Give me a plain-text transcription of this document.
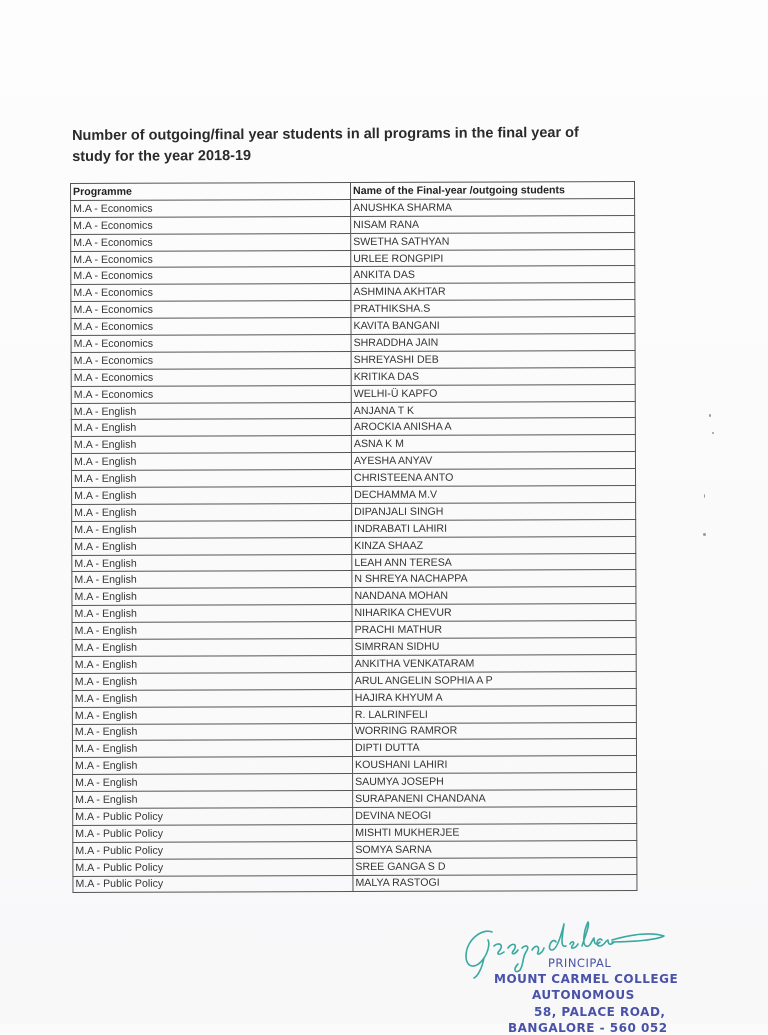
Number of outgoing/final year students in all programs in the final year of
study for the year 2018-19
Programme	Name of the Final-year /outgoing students
M.A - Economics	ANUSHKA SHARMA
M.A - Economics	NISAM RANA
M.A - Economics	SWETHA SATHYAN
M.A - Economics	URLEE RONGPIPI
M.A - Economics	ANKITA DAS
M.A - Economics	ASHMINA AKHTAR
M.A - Economics	PRATHIKSHA.S
M.A - Economics	KAVITA BANGANI
M.A - Economics	SHRADDHA JAIN
M.A - Economics	SHREYASHI DEB
M.A - Economics	KRITIKA DAS
M.A - Economics	WELHI-Ü KAPFO
M.A - English	ANJANA T K
M.A - English	AROCKIA ANISHA A
M.A - English	ASNA K M
M.A - English	AYESHA ANYAV
M.A - English	CHRISTEENA ANTO
M.A - English	DECHAMMA M.V
M.A - English	DIPANJALI SINGH
M.A - English	INDRABATI LAHIRI
M.A - English	KINZA SHAAZ
M.A - English	LEAH ANN TERESA
M.A - English	N SHREYA NACHAPPA
M.A - English	NANDANA MOHAN
M.A - English	NIHARIKA CHEVUR
M.A - English	PRACHI MATHUR
M.A - English	SIMRRAN SIDHU
M.A - English	ANKITHA VENKATARAM
M.A - English	ARUL ANGELIN SOPHIA A P
M.A - English	HAJIRA KHYUM A
M.A - English	R. LALRINFELI
M.A - English	WORRING RAMROR
M.A - English	DIPTI DUTTA
M.A - English	KOUSHANI LAHIRI
M.A - English	SAUMYA JOSEPH
M.A - English	SURAPANENI CHANDANA
M.A - Public Policy	DEVINA NEOGI
M.A - Public Policy	MISHTI MUKHERJEE
M.A - Public Policy	SOMYA SARNA
M.A - Public Policy	SREE GANGA S D
M.A - Public Policy	MALYA RASTOGI
PRINCIPAL
MOUNT CARMEL COLLEGE
AUTONOMOUS
58, PALACE ROAD,
BANGALORE - 560 052
